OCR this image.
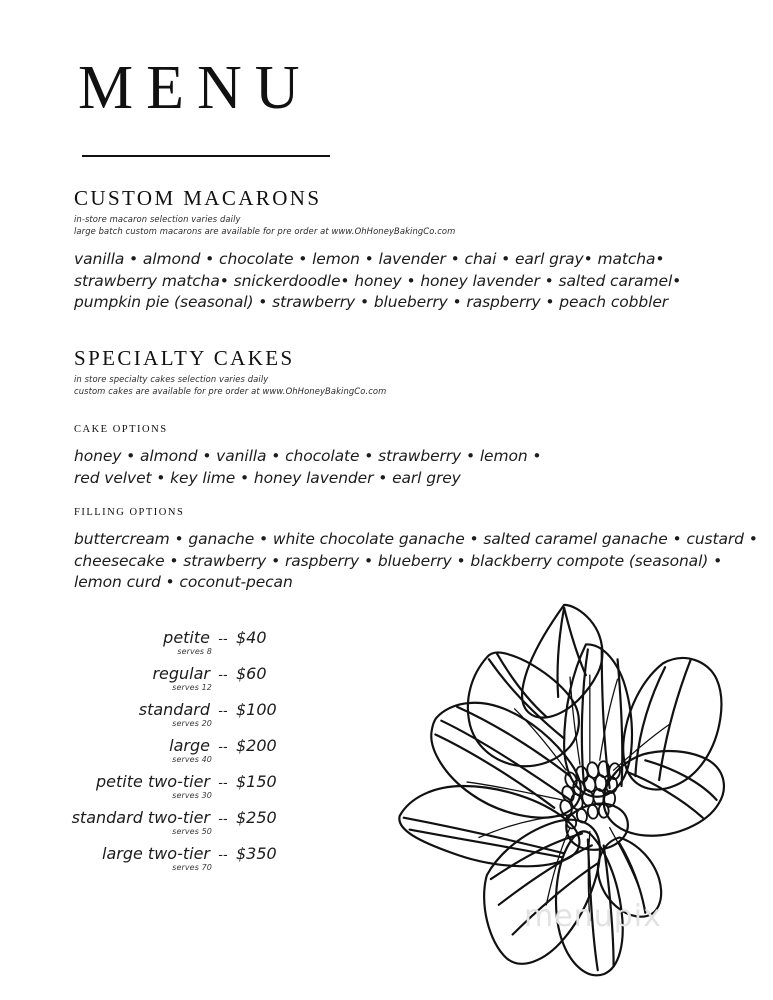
MENU
CUSTOM MACARONS
in-store macaron selection varies daily
large batch custom macarons are available for pre order at www.OhHoneyBakingCo.com
vanilla • almond • chocolate • lemon • lavender • chai • earl gray• matcha•
strawberry matcha• snickerdoodle• honey • honey lavender • salted caramel•
pumpkin pie (seasonal) • strawberry • blueberry • raspberry • peach cobbler
SPECIALTY CAKES
in store specialty cakes selection varies daily
custom cakes are available for pre order at www.OhHoneyBakingCo.com
CAKE OPTIONS
honey • almond • vanilla • chocolate • strawberry • lemon •
red velvet • key lime • honey lavender • earl grey
FILLING OPTIONS
buttercream • ganache • white chocolate ganache • salted caramel ganache • custard •
cheesecake • strawberry • raspberry • blueberry • blackberry compote (seasonal) •
lemon curd • coconut-pecan
petite -- $40
serves 8
regular -- $60
serves 12
standard -- $100
serves 20
large -- $200
serves 40
petite two-tier -- $150
serves 30
standard two-tier -- $250
serves 50
large two-tier -- $350
serves 70
menupix
